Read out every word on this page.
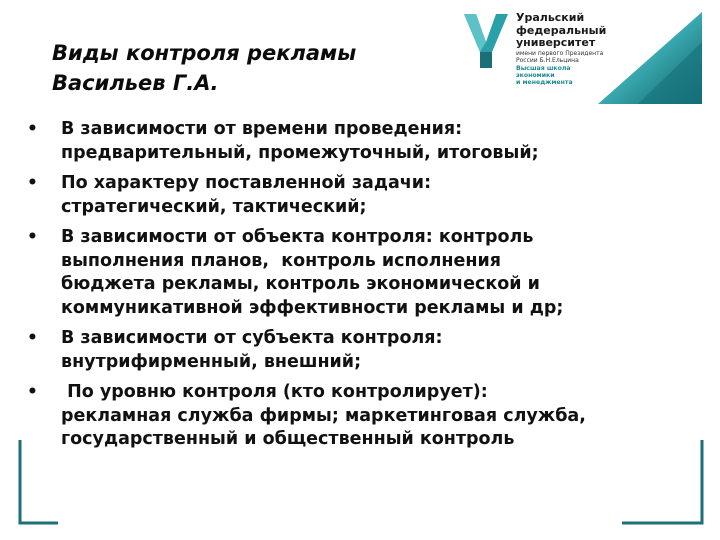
Виды контроля рекламы
Васильев Г.А.
Уральский
федеральный
университет
имени первого Президента
России Б.Н.Ельцина
Высшая школа
экономики
и менеджмента
• В зависимости от времени проведения:
предварительный, промежуточный, итоговый;
• По характеру поставленной задачи:
стратегический, тактический;
• В зависимости от объекта контроля: контроль
выполнения планов,  контроль исполнения
бюджета рекламы, контроль экономической и
коммуникативной эффективности рекламы и др;
• В зависимости от субъекта контроля:
внутрифирменный, внешний;
• По уровню контроля (кто контролирует):
рекламная служба фирмы; маркетинговая служба,
государственный и общественный контроль
